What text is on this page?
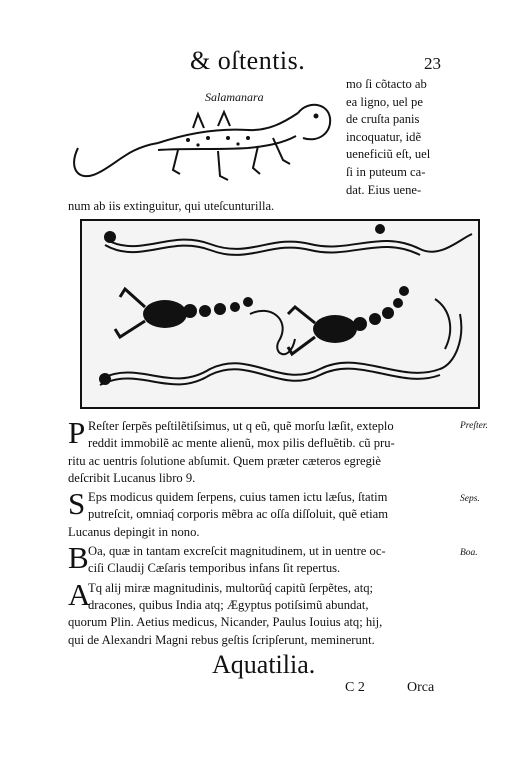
& oſtentis.	23
Salamanara
mo ſi cõtacto ab
ea ligno, uel pe
de cruſta panis
incoquatur, idẽ
ueneficiũ eſt, uel
ſi in puteum ca-
dat. Eius uene-
num ab iis extinguitur, qui uteſcunturilla.
P Reſter ſerpẽs peſtilẽtiſsimus, ut q eũ, quẽ morſu læſit, exteplo
reddit immobilẽ ac mente alienũ, mox pilis defluẽtib. cũ pru-
ritu ac uentris ſolutione abſumit. Quem præter cæteros egregiè
deſcribit Lucanus libro 9.
Preſter.
S Eps modicus quidem ſerpens, cuius tamen ictu læſus, ſtatim
putreſcit, omniaq́ corporis mẽbra ac oſſa diſſoluit, quẽ etiam
Lucanus depingit in nono.
Seps.
B Oa, quæ in tantam excreſcit magnitudinem, ut in uentre oc-
ciſi Claudij Cæſaris temporibus infans ſit repertus.
Boa.
A
Tq alij miræ magnitudinis, multorũq́ capitũ ſerpẽtes, atq;
dracones, quibus India atq; Ægyptus potiſsimũ abundat,
quorum Plin. Aetius medicus, Nicander, Paulus Iouius atq; hij,
qui de Alexandri Magni rebus geſtis ſcripſerunt, meminerunt.
Aquatilia.
C 2	Orca
